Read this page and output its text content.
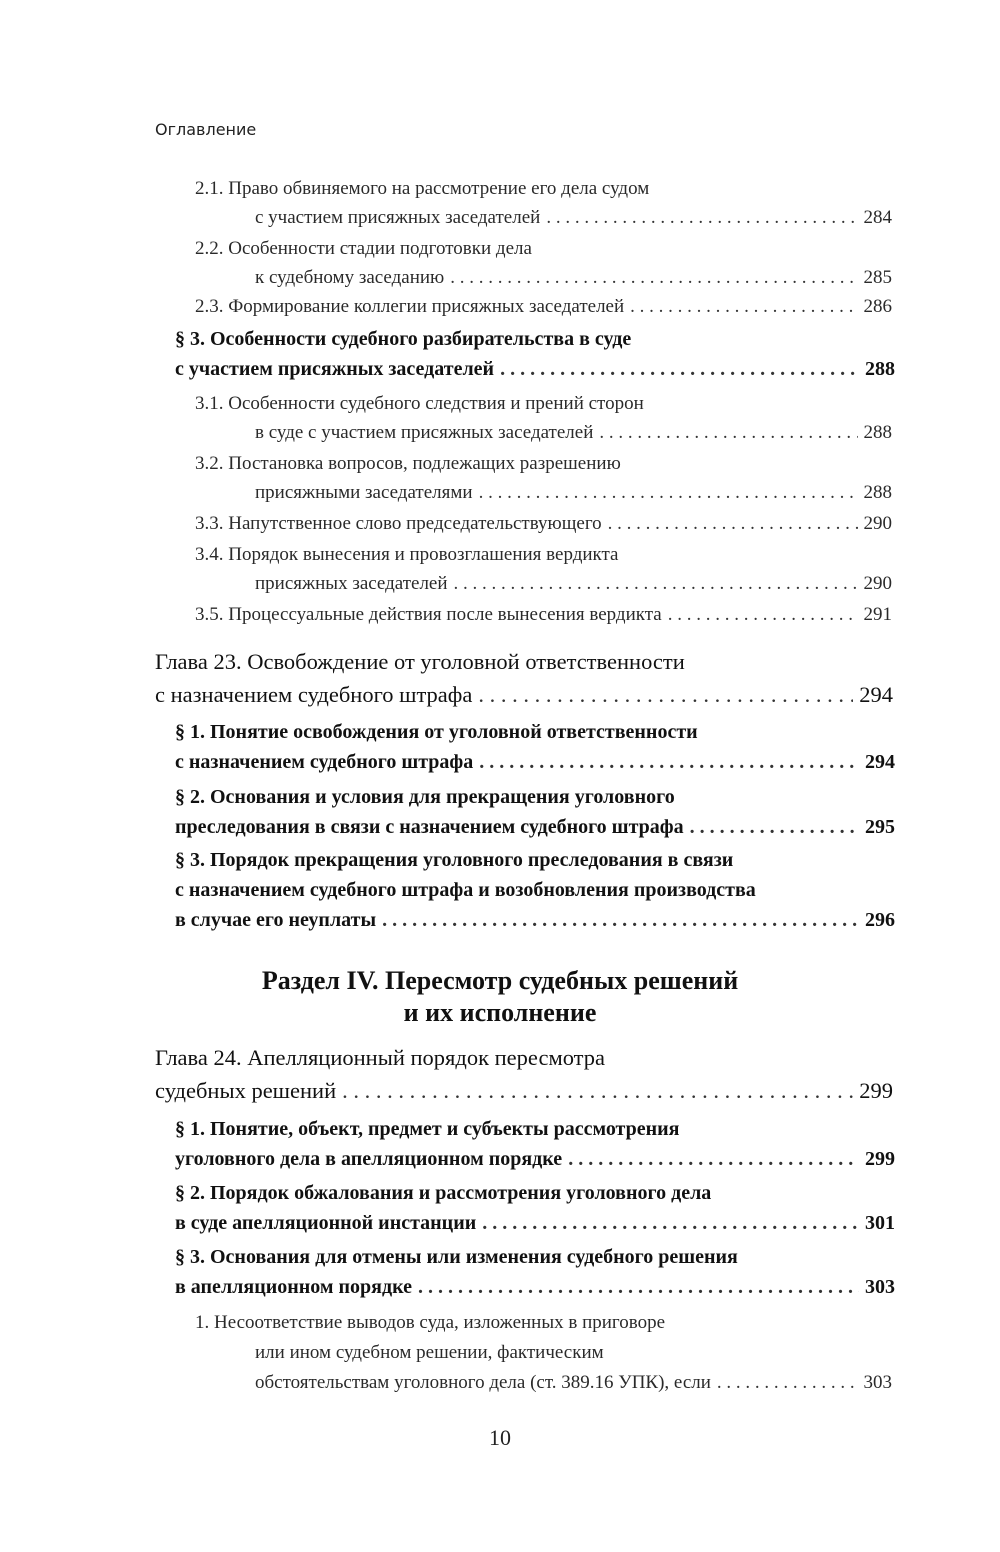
Оглавление
2.1. Право обвиняемого на рассмотрение его дела судом
с участием присяжных заседателей . . .	284
2.2. Особенности стадии подготовки дела
к судебному заседанию . . .	285
2.3. Формирование коллегии присяжных заседателей . . .	286
§ 3. Особенности судебного разбирательства в суде
с участием присяжных заседателей . . .	288
3.1. Особенности судебного следствия и прений сторон
в суде с участием присяжных заседателей . . .	288
3.2. Постановка вопросов, подлежащих разрешению
присяжными заседателями . . .	288
3.3. Напутственное слово председательствующего . . .	290
3.4. Порядок вынесения и провозглашения вердикта
присяжных заседателей . . .	290
3.5. Процессуальные действия после вынесения вердикта . . .	291
Глава 23. Освобождение от уголовной ответственности
с назначением судебного штрафа . . .	294
§ 1. Понятие освобождения от уголовной ответственности
с назначением судебного штрафа . . .	294
§ 2. Основания и условия для прекращения уголовного
преследования в связи с назначением судебного штрафа . . .	295
§ 3. Порядок прекращения уголовного преследования в связи
с назначением судебного штрафа и возобновления производства
в случае его неуплаты . . .	296
Раздел IV. Пересмотр судебных решений
и их исполнение
Глава 24. Апелляционный порядок пересмотра
судебных решений . . .	299
§ 1. Понятие, объект, предмет и субъекты рассмотрения
уголовного дела в апелляционном порядке . . .	299
§ 2. Порядок обжалования и рассмотрения уголовного дела
в суде апелляционной инстанции . . .	301
§ 3. Основания для отмены или изменения судебного решения
в апелляционном порядке . . .	303
1. Несоответствие выводов суда, изложенных в приговоре
или ином судебном решении, фактическим
обстоятельствам уголовного дела (ст. 389.16 УПК), если . . .	303
10
